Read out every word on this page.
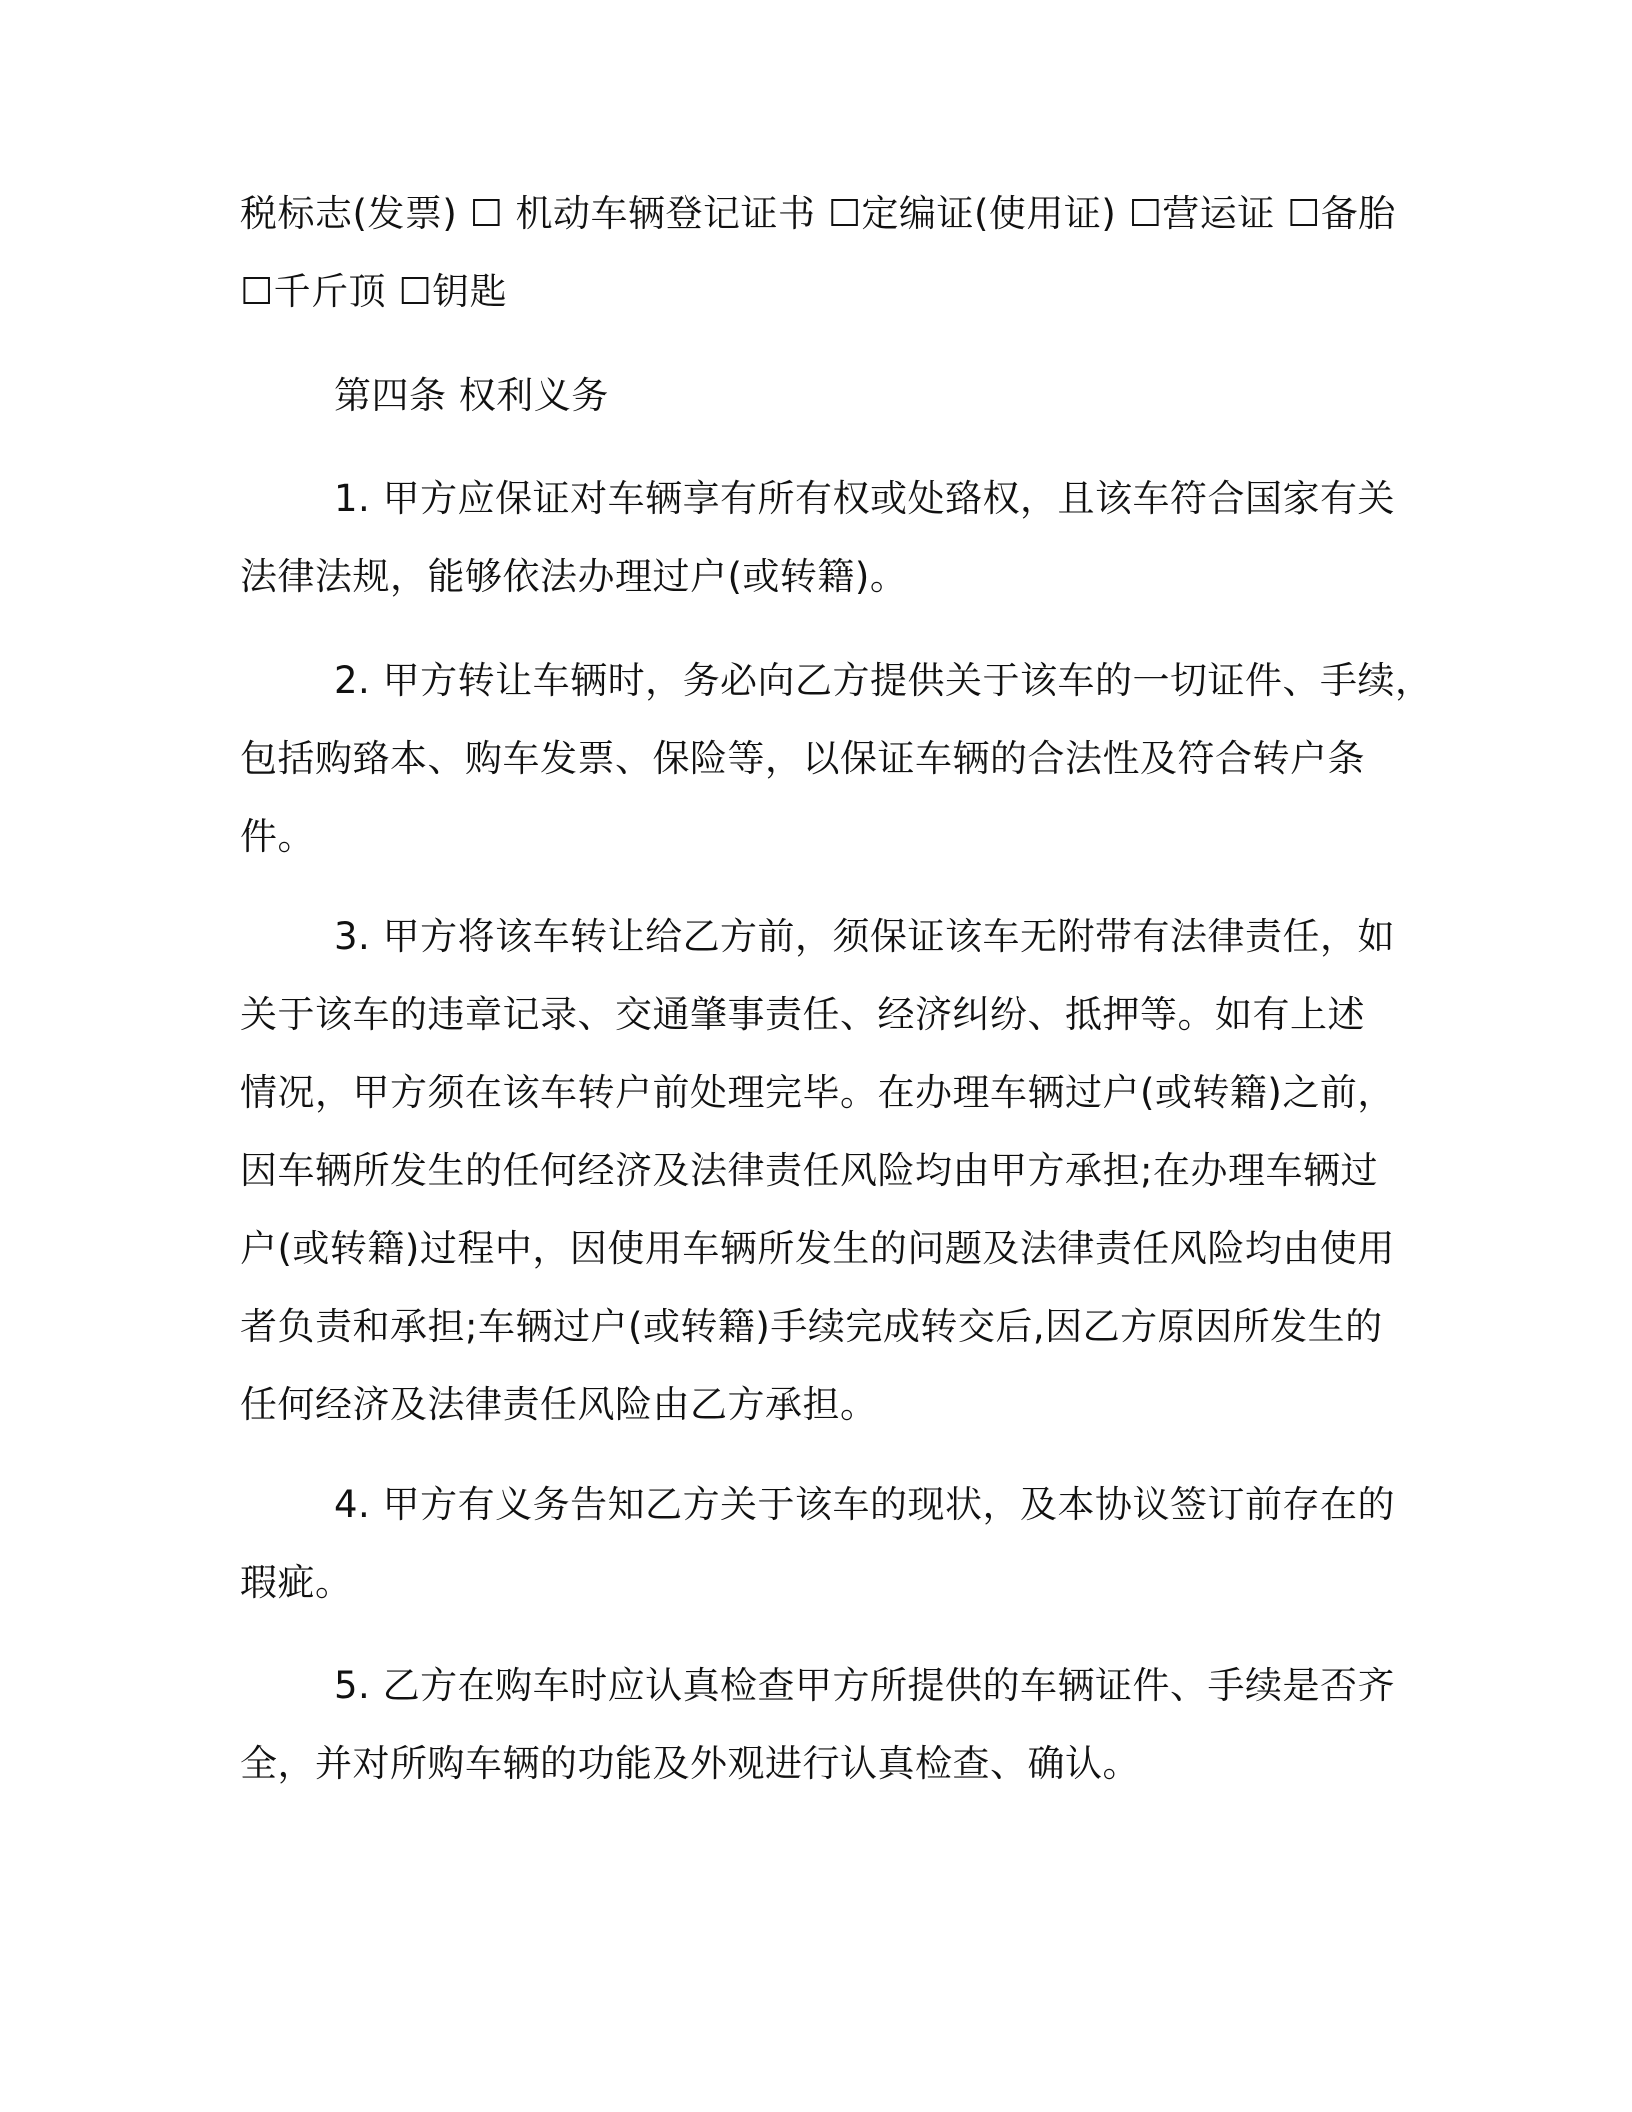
税标志(发票) ☐ 机动车辆登记证书 ☐定编证(使用证) ☐营运证 ☐备胎
☐千斤顶 ☐钥匙

第四条 权利义务

1. 甲方应保证对车辆享有所有权或处臵权，且该车符合国家有关
法律法规，能够依法办理过户(或转籍)。
2. 甲方转让车辆时，务必向乙方提供关于该车的一切证件、手续，
包括购臵本、购车发票、保险等，以保证车辆的合法性及符合转户条
件。
3. 甲方将该车转让给乙方前，须保证该车无附带有法律责任，如
关于该车的违章记录、交通肇事责任、经济纠纷、抵押等。如有上述
情况，甲方须在该车转户前处理完毕。在办理车辆过户(或转籍)之前，
因车辆所发生的任何经济及法律责任风险均由甲方承担;在办理车辆过
户(或转籍)过程中，因使用车辆所发生的问题及法律责任风险均由使用
者负责和承担;车辆过户(或转籍)手续完成转交后,因乙方原因所发生的
任何经济及法律责任风险由乙方承担。
4. 甲方有义务告知乙方关于该车的现状，及本协议签订前存在的
瑕疵。
5. 乙方在购车时应认真检查甲方所提供的车辆证件、手续是否齐
全，并对所购车辆的功能及外观进行认真检查、确认。
